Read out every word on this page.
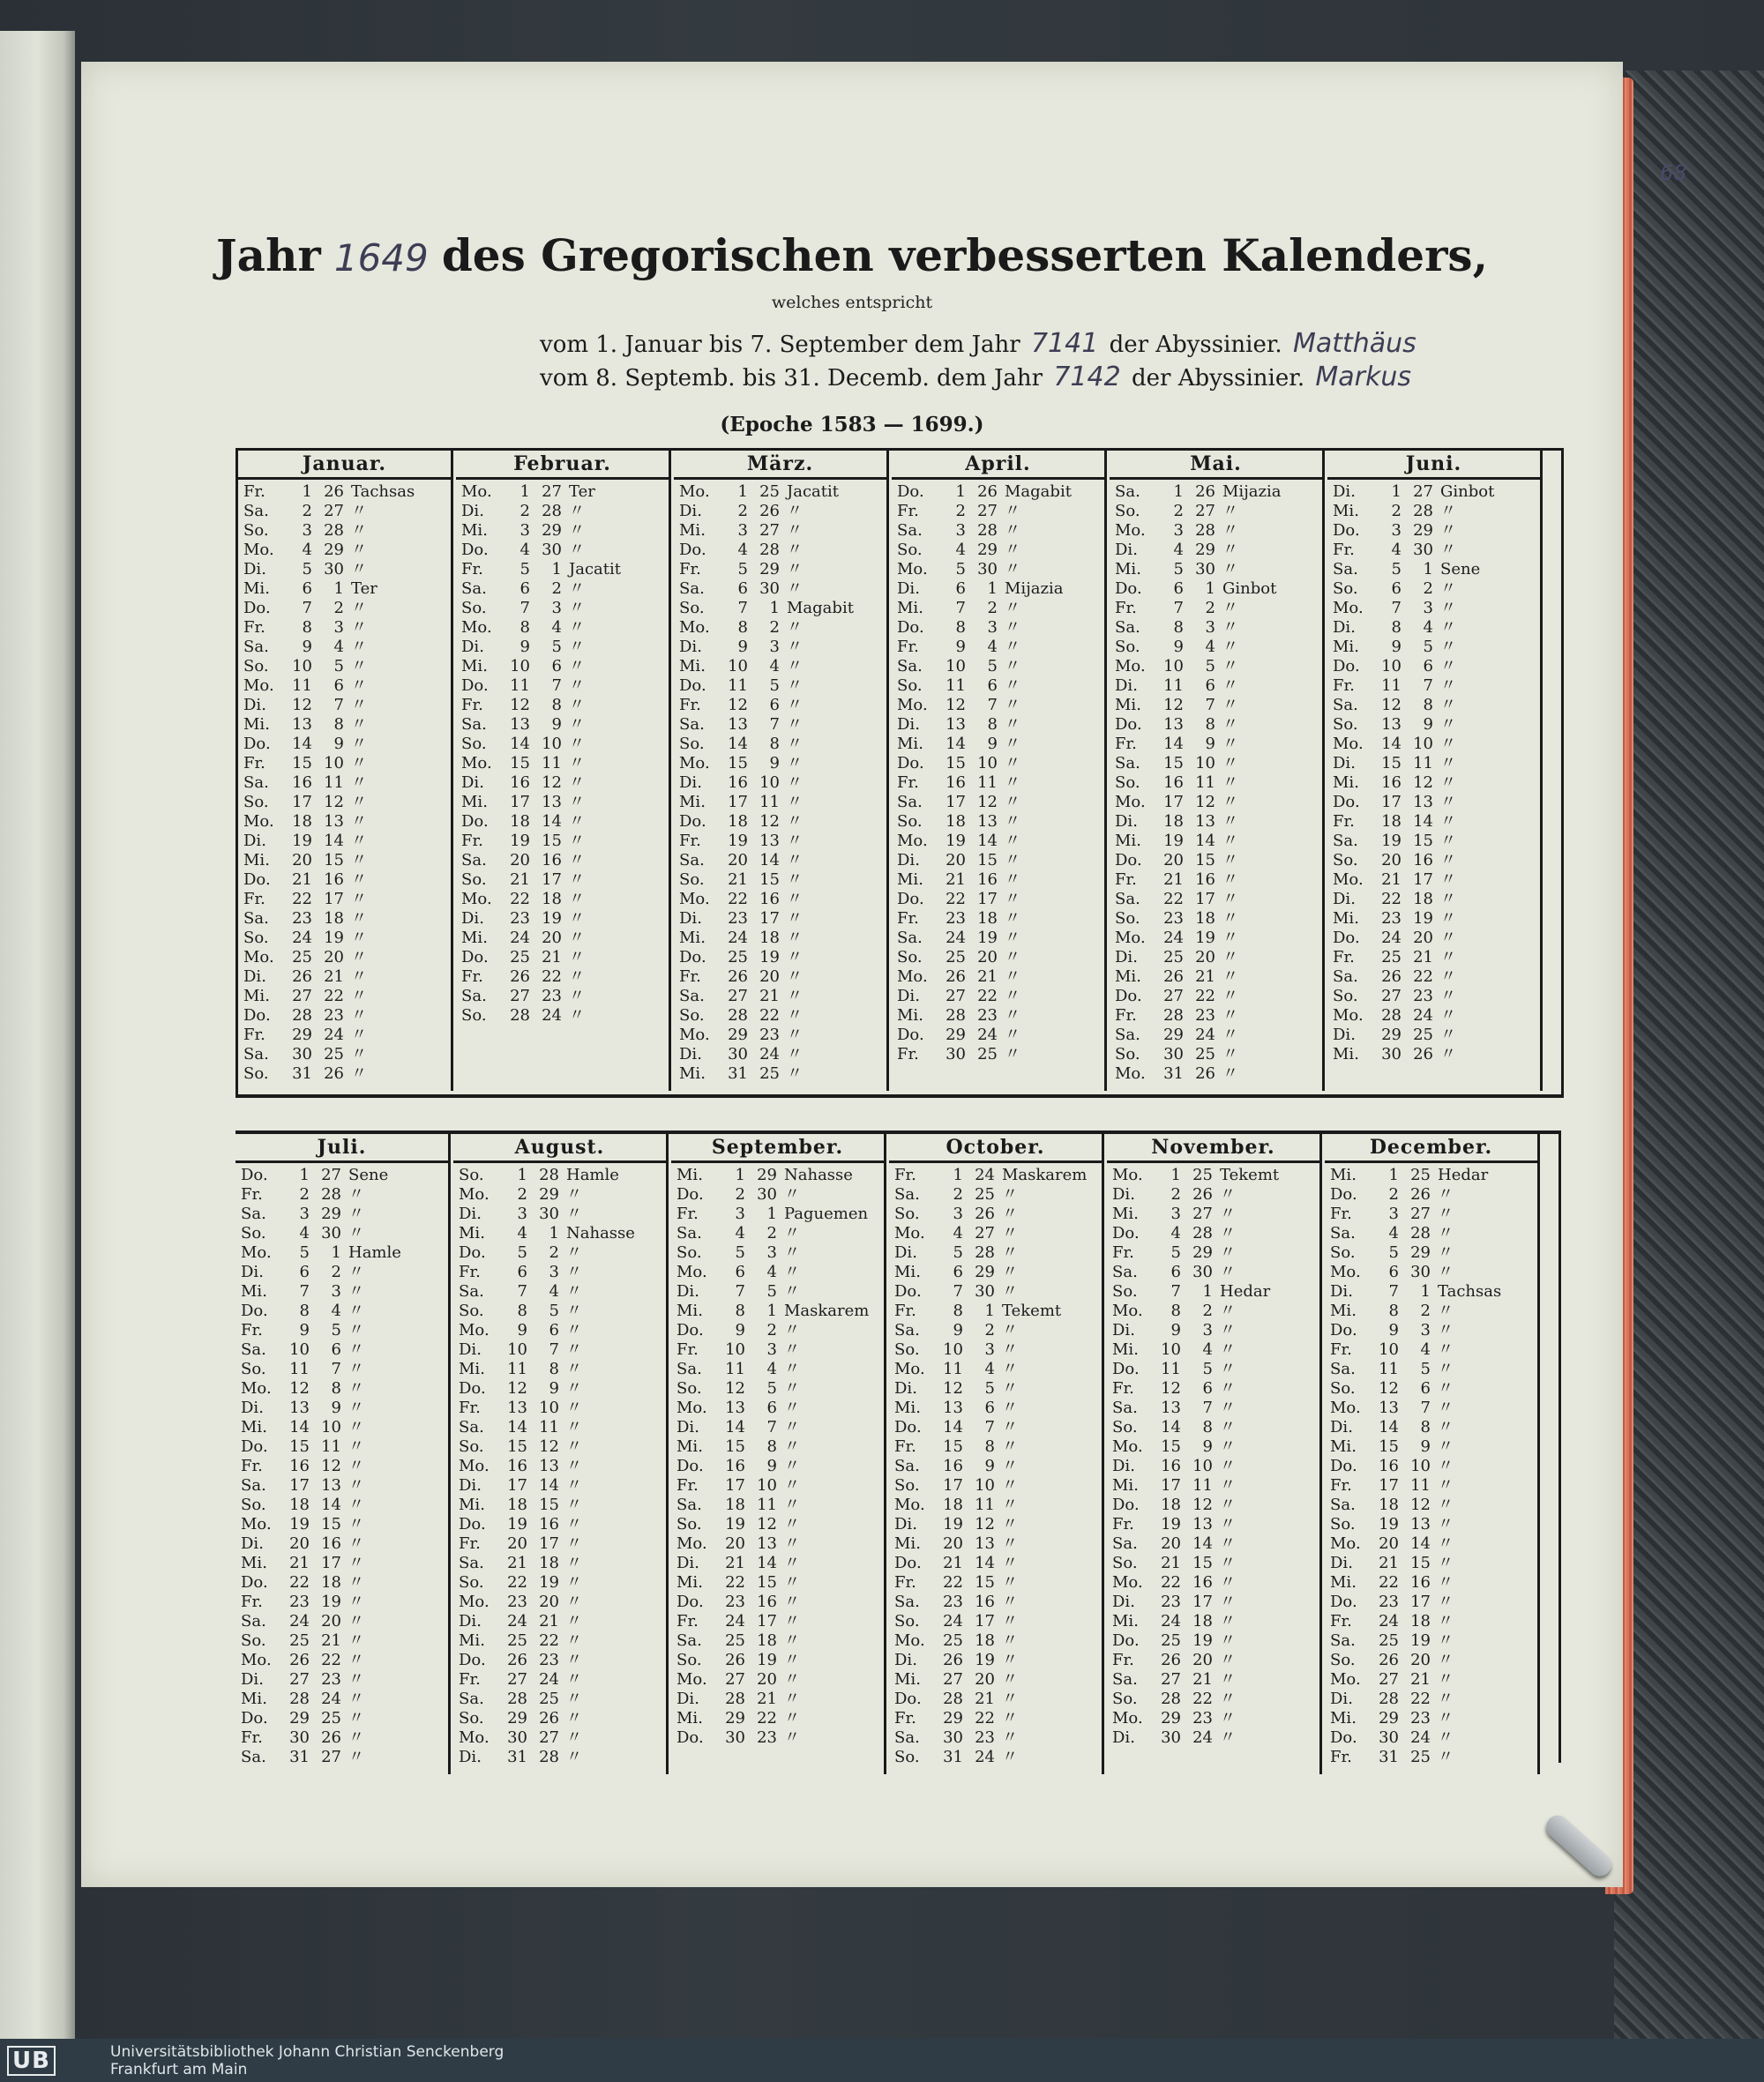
68
Jahr 1649 des Gregorischen verbesserten Kalenders,
welches entspricht
vom 1. Januar bis 7. September dem Jahr 7141 der Abyssinier. Matthäus
vom 8. Septemb. bis 31. Decemb. dem Jahr 7142 der Abyssinier. Markus
(Epoche 1583 — 1699.)
Januar.
Fr.	1 26 Tachsas
Sa.	2 27 〃
So.	3 28 〃
Mo.	4 29 〃
Di.	5 30 〃
Mi.	6	1 Ter
Do.	7	2 〃
Fr.	8	3 〃
Sa.	9	4 〃
So.	10	5 〃
Mo.	11	6 〃
Di.	12	7 〃
Mi.	13	8 〃
Do.	14	9 〃
Fr.	15 10 〃
Sa.	16 11 〃
So.	17 12 〃
Mo.	18 13 〃
Di.	19 14 〃
Mi.	20 15 〃
Do.	21 16 〃
Fr.	22 17 〃
Sa.	23 18 〃
So.	24 19 〃
Mo.	25 20 〃
Di.	26 21 〃
Mi.	27 22 〃
Do.	28 23 〃
Fr.	29 24 〃
Sa.	30 25 〃
So.	31 26 〃
Februar.
Mo.	1 27 Ter
Di.	2 28 〃
Mi.	3 29 〃
Do.	4 30 〃
Fr.	5	1 Jacatit
Sa.	6	2 〃
So.	7	3 〃
Mo.	8	4 〃
Di.	9	5 〃
Mi.	10	6 〃
Do.	11	7 〃
Fr.	12	8 〃
Sa.	13	9 〃
So.	14 10 〃
Mo.	15 11 〃
Di.	16 12 〃
Mi.	17 13 〃
Do.	18 14 〃
Fr.	19 15 〃
Sa.	20 16 〃
So.	21 17 〃
Mo.	22 18 〃
Di.	23 19 〃
Mi.	24 20 〃
Do.	25 21 〃
Fr.	26 22 〃
Sa.	27 23 〃
So.	28 24 〃
März.
Mo.	1 25 Jacatit
Di.	2 26 〃
Mi.	3 27 〃
Do.	4 28 〃
Fr.	5 29 〃
Sa.	6 30 〃
So.	7	1 Magabit
Mo.	8	2 〃
Di.	9	3 〃
Mi.	10	4 〃
Do.	11	5 〃
Fr.	12	6 〃
Sa.	13	7 〃
So.	14	8 〃
Mo.	15	9 〃
Di.	16 10 〃
Mi.	17 11 〃
Do.	18 12 〃
Fr.	19 13 〃
Sa.	20 14 〃
So.	21 15 〃
Mo.	22 16 〃
Di.	23 17 〃
Mi.	24 18 〃
Do.	25 19 〃
Fr.	26 20 〃
Sa.	27 21 〃
So.	28 22 〃
Mo.	29 23 〃
Di.	30 24 〃
Mi.	31 25 〃
April.
Do.	1 26 Magabit
Fr.	2 27 〃
Sa.	3 28 〃
So.	4 29 〃
Mo.	5 30 〃
Di.	6	1 Mijazia
Mi.	7	2 〃
Do.	8	3 〃
Fr.	9	4 〃
Sa.	10	5 〃
So.	11	6 〃
Mo.	12	7 〃
Di.	13	8 〃
Mi.	14	9 〃
Do.	15 10 〃
Fr.	16 11 〃
Sa.	17 12 〃
So.	18 13 〃
Mo.	19 14 〃
Di.	20 15 〃
Mi.	21 16 〃
Do.	22 17 〃
Fr.	23 18 〃
Sa.	24 19 〃
So.	25 20 〃
Mo.	26 21 〃
Di.	27 22 〃
Mi.	28 23 〃
Do.	29 24 〃
Fr.	30 25 〃
Mai.
Sa.	1 26 Mijazia
So.	2 27 〃
Mo.	3 28 〃
Di.	4 29 〃
Mi.	5 30 〃
Do.	6	1 Ginbot
Fr.	7	2 〃
Sa.	8	3 〃
So.	9	4 〃
Mo.	10	5 〃
Di.	11	6 〃
Mi.	12	7 〃
Do.	13	8 〃
Fr.	14	9 〃
Sa.	15 10 〃
So.	16 11 〃
Mo.	17 12 〃
Di.	18 13 〃
Mi.	19 14 〃
Do.	20 15 〃
Fr.	21 16 〃
Sa.	22 17 〃
So.	23 18 〃
Mo.	24 19 〃
Di.	25 20 〃
Mi.	26 21 〃
Do.	27 22 〃
Fr.	28 23 〃
Sa.	29 24 〃
So.	30 25 〃
Mo.	31 26 〃
Juni.
Di.	1 27 Ginbot
Mi.	2 28 〃
Do.	3 29 〃
Fr.	4 30 〃
Sa.	5	1 Sene
So.	6	2 〃
Mo.	7	3 〃
Di.	8	4 〃
Mi.	9	5 〃
Do.	10	6 〃
Fr.	11	7 〃
Sa.	12	8 〃
So.	13	9 〃
Mo.	14 10 〃
Di.	15 11 〃
Mi.	16 12 〃
Do.	17 13 〃
Fr.	18 14 〃
Sa.	19 15 〃
So.	20 16 〃
Mo.	21 17 〃
Di.	22 18 〃
Mi.	23 19 〃
Do.	24 20 〃
Fr.	25 21 〃
Sa.	26 22 〃
So.	27 23 〃
Mo.	28 24 〃
Di.	29 25 〃
Mi.	30 26 〃
Juli.
Do.	1 27 Sene
Fr.	2 28 〃
Sa.	3 29 〃
So.	4 30 〃
Mo.	5	1 Hamle
Di.	6	2 〃
Mi.	7	3 〃
Do.	8	4 〃
Fr.	9	5 〃
Sa.	10	6 〃
So.	11	7 〃
Mo.	12	8 〃
Di.	13	9 〃
Mi.	14 10 〃
Do.	15 11 〃
Fr.	16 12 〃
Sa.	17 13 〃
So.	18 14 〃
Mo.	19 15 〃
Di.	20 16 〃
Mi.	21 17 〃
Do.	22 18 〃
Fr.	23 19 〃
Sa.	24 20 〃
So.	25 21 〃
Mo.	26 22 〃
Di.	27 23 〃
Mi.	28 24 〃
Do.	29 25 〃
Fr.	30 26 〃
Sa.	31 27 〃
August.
So.	1 28 Hamle
Mo.	2 29 〃
Di.	3 30 〃
Mi.	4	1 Nahasse
Do.	5	2 〃
Fr.	6	3 〃
Sa.	7	4 〃
So.	8	5 〃
Mo.	9	6 〃
Di.	10	7 〃
Mi.	11	8 〃
Do.	12	9 〃
Fr.	13 10 〃
Sa.	14 11 〃
So.	15 12 〃
Mo.	16 13 〃
Di.	17 14 〃
Mi.	18 15 〃
Do.	19 16 〃
Fr.	20 17 〃
Sa.	21 18 〃
So.	22 19 〃
Mo.	23 20 〃
Di.	24 21 〃
Mi.	25 22 〃
Do.	26 23 〃
Fr.	27 24 〃
Sa.	28 25 〃
So.	29 26 〃
Mo.	30 27 〃
Di.	31 28 〃
September.
Mi.	1 29 Nahasse
Do.	2 30 〃
Fr.	3	1 Paguemen
Sa.	4	2 〃
So.	5	3 〃
Mo.	6	4 〃
Di.	7	5 〃
Mi.	8	1 Maskarem
Do.	9	2 〃
Fr.	10	3 〃
Sa.	11	4 〃
So.	12	5 〃
Mo.	13	6 〃
Di.	14	7 〃
Mi.	15	8 〃
Do.	16	9 〃
Fr.	17 10 〃
Sa.	18 11 〃
So.	19 12 〃
Mo.	20 13 〃
Di.	21 14 〃
Mi.	22 15 〃
Do.	23 16 〃
Fr.	24 17 〃
Sa.	25 18 〃
So.	26 19 〃
Mo.	27 20 〃
Di.	28 21 〃
Mi.	29 22 〃
Do.	30 23 〃
October.
Fr.	1 24 Maskarem
Sa.	2 25 〃
So.	3 26 〃
Mo.	4 27 〃
Di.	5 28 〃
Mi.	6 29 〃
Do.	7 30 〃
Fr.	8	1 Tekemt
Sa.	9	2 〃
So.	10	3 〃
Mo.	11	4 〃
Di.	12	5 〃
Mi.	13	6 〃
Do.	14	7 〃
Fr.	15	8 〃
Sa.	16	9 〃
So.	17 10 〃
Mo.	18 11 〃
Di.	19 12 〃
Mi.	20 13 〃
Do.	21 14 〃
Fr.	22 15 〃
Sa.	23 16 〃
So.	24 17 〃
Mo.	25 18 〃
Di.	26 19 〃
Mi.	27 20 〃
Do.	28 21 〃
Fr.	29 22 〃
Sa.	30 23 〃
So.	31 24 〃
November.
Mo.	1 25 Tekemt
Di.	2 26 〃
Mi.	3 27 〃
Do.	4 28 〃
Fr.	5 29 〃
Sa.	6 30 〃
So.	7	1 Hedar
Mo.	8	2 〃
Di.	9	3 〃
Mi.	10	4 〃
Do.	11	5 〃
Fr.	12	6 〃
Sa.	13	7 〃
So.	14	8 〃
Mo.	15	9 〃
Di.	16 10 〃
Mi.	17 11 〃
Do.	18 12 〃
Fr.	19 13 〃
Sa.	20 14 〃
So.	21 15 〃
Mo.	22 16 〃
Di.	23 17 〃
Mi.	24 18 〃
Do.	25 19 〃
Fr.	26 20 〃
Sa.	27 21 〃
So.	28 22 〃
Mo.	29 23 〃
Di.	30 24 〃
December.
Mi.	1 25 Hedar
Do.	2 26 〃
Fr.	3 27 〃
Sa.	4 28 〃
So.	5 29 〃
Mo.	6 30 〃
Di.	7	1 Tachsas
Mi.	8	2 〃
Do.	9	3 〃
Fr.	10	4 〃
Sa.	11	5 〃
So.	12	6 〃
Mo.	13	7 〃
Di.	14	8 〃
Mi.	15	9 〃
Do.	16 10 〃
Fr.	17 11 〃
Sa.	18 12 〃
So.	19 13 〃
Mo.	20 14 〃
Di.	21 15 〃
Mi.	22 16 〃
Do.	23 17 〃
Fr.	24 18 〃
Sa.	25 19 〃
So.	26 20 〃
Mo.	27 21 〃
Di.	28 22 〃
Mi.	29 23 〃
Do.	30 24 〃
Fr.	31 25 〃
UB	Universitätsbibliothek Johann Christian Senckenberg
Frankfurt am Main
